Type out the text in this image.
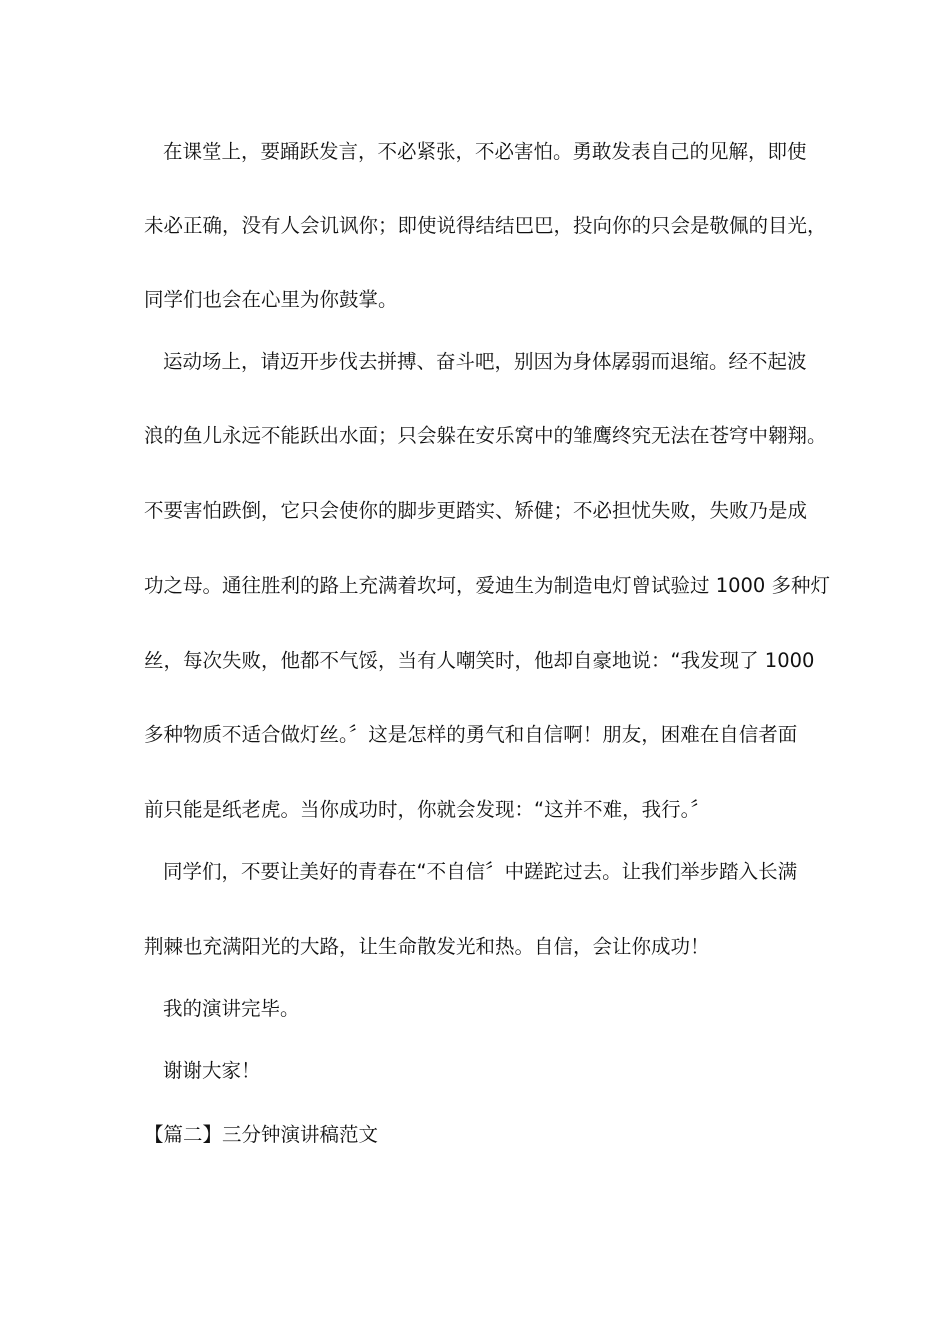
在课堂上，要踊跃发言，不必紧张，不必害怕。勇敢发表自己的见解，即使
未必正确，没有人会讥讽你；即使说得结结巴巴，投向你的只会是敬佩的目光，
同学们也会在心里为你鼓掌。
运动场上，请迈开步伐去拼搏、奋斗吧，别因为身体孱弱而退缩。经不起波
浪的鱼儿永远不能跃出水面；只会躲在安乐窝中的雏鹰终究无法在苍穹中翱翔。
不要害怕跌倒，它只会使你的脚步更踏实、矫健；不必担忧失败，失败乃是成
功之母。通往胜利的路上充满着坎坷，爱迪生为制造电灯曾试验过 1000 多种灯
丝，每次失败，他都不气馁，当有人嘲笑时，他却自豪地说：“我发现了 1000
多种物质不适合做灯丝。〞这是怎样的勇气和自信啊！朋友，困难在自信者面
前只能是纸老虎。当你成功时，你就会发现：“这并不难，我行。〞
同学们，不要让美好的青春在“不自信〞中蹉跎过去。让我们举步踏入长满
荆棘也充满阳光的大路，让生命散发光和热。自信，会让你成功！
我的演讲完毕。
谢谢大家！
【篇二】三分钟演讲稿范文
